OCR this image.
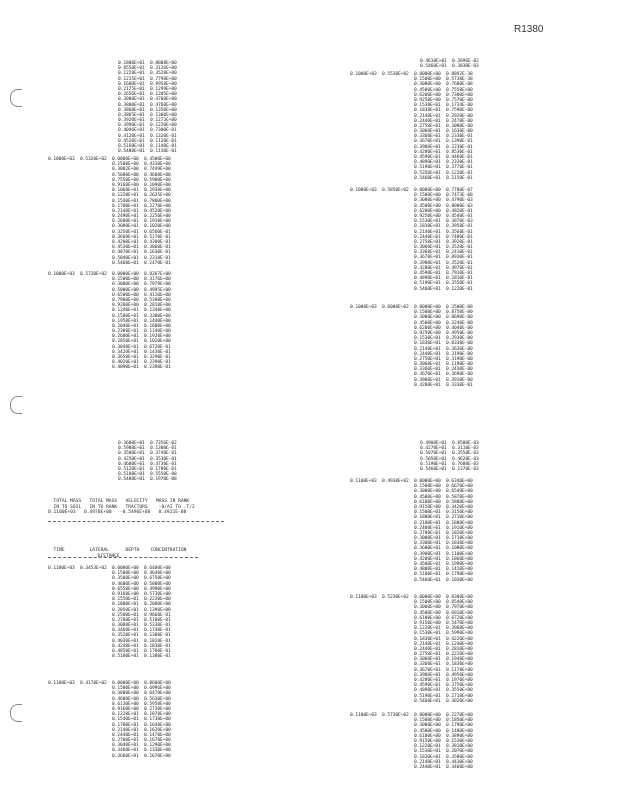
R1380
0.1800E+01  0.8808E+00
0.8550E+01  0.3126E+00
0.1220E+01  0.3528E+00
0.1215E+01  0.7798E+00
0.1600E+01  0.9958E+00
0.2175E+01  0.1299E+00
0.2656E+01  0.1205E+00
0.3080E+01  0.4780E+00
0.3800E+01  0.4760E+00
0.3860E+01  0.1350E+00
0.3865E+01  0.1300E+00
0.3920E+01  0.1273E+00
0.3990E+01  0.1220E+00
0.4046E+01  0.7300E-01
0.4120E+01  0.1320E-01
0.4520E+01  0.1120E-01
0.5160E+01  0.1140E-01
0.5480E+01  0.1130E-01
0.1000E+03  0.5320E+02 0.0000E+00  0.4500E+00
0.1500E+00  0.4310E+00
0.3002E+00  0.7449E+00
0.5000E+00  0.4688E+00
0.7550E+00  0.5900E+00
0.9160E+00  0.1090E+00
0.1060E+01  0.2930E+00
0.1220E+01  0.2635E+00
0.1540E+01  0.7800E+00
0.1700E+01  0.2270E+00
0.2140E+01  0.4520E+00
0.2490E+01  0.2250E+00
0.2600E+01  0.1910E+00
0.3080E+01  0.1020E+00
0.3250E+01  0.6560E-01
0.3660E+01  0.5170E-01
0.4200E+01  0.4300E-01
0.4530E+01  0.3860E-01
0.4870E+01  0.1630E-01
0.5040E+01  0.2310E-01
0.5460E+01  0.2470E-01
0.1000E+03  0.5720E+02 0.0000E+00  0.8267E+00
0.1500E+00  0.3176E+00
0.3000E+00  0.7979E+00
0.5000E+00  0.4995E+00
0.6500E+00  0.4110E+00
0.7900E+00  0.5390E+00
0.9200E+00  0.2810E+00
0.1240E+01  0.1340E+00
0.1580E+01  0.3300E+00
0.1950E+01  0.1440E+00
0.2040E+01  0.1600E+00
0.2300E+01  0.1140E+00
0.2600E+01  0.1920E+00
0.2850E+01  0.1020E+00
0.3040E+01  0.6720E-01
0.3420E+01  0.1430E-01
0.3650E+01  0.3290E-01
0.4020E+01  0.2390E-01
0.4890E+01  0.2390E-01
0.3600E+01  0.7356E-02
0.5980E+01  0.1300E-01
0.3500E+01  0.3748E-01
0.4250E+01  0.3530E-01
0.4600E+01  0.4730E-01
0.5120E+01  0.1780E-01
0.5100E+01  0.5550E-08
0.5480E+01  0.1970E-08

TOTAL MASS TOTAL MASS VELOCITY MASS IN RANK

IN TO SOIL IN TO RANK TRACTORS -0/AI TO .T/2

0.1100E+03   0.4970E+00   -0.5496E+00   0.4921E-08

TIME	LATERAL	DEPTH CONCENTRATION

DISTANCE

0.1100E+03  0.3453E+02 0.0000E+00  0.6400E+00
0.1500E+00  0.4640E+00
0.3500E+00  0.6750E+00
0.4600E+00  0.5800E+00
0.6550E+00  0.4990E+00
0.9160E+00  0.5730E+00
0.1550E+01  0.2230E+00
0.1800E+01  0.2000E+00
0.2050E+01  0.1390E+00
0.2500E+01  0.9660E-01
0.2780E+01  0.5180E-01
0.3080E+01  0.5330E-01
0.3460E+01  0.1740E-01
0.3520E+01  0.1380E-01
0.4030E+01  0.1820E-01
0.4240E+01  0.1830E-01
0.4850E+01  0.1780E-01
0.5100E+01  0.1380E-01
0.1100E+03  0.4170E+02 0.0000E+00  0.8600E+00
0.1500E+00  0.6996E+00
0.3000E+00  0.6470E+00
0.4600E+00  0.5630E+00
0.6130E+00  0.5950E+00
0.9160E+00  0.2730E+00
0.1220E+01  0.1870E+00
0.1540E+01  0.1730E+00
0.1700E+01  0.1640E+00
0.2140E+01  0.1620E+00
0.2440E+01  0.1470E+00
0.2700E+01  0.1670E+00
0.3040E+01  0.1290E+00
0.3460E+01  0.1330E+00
0.3660E+01  0.1670E+00
0.4610E+01  0.3696E-02
0.5460E+01  0.3830E-03
0.1000E+03  0.5530E+02 0.0000E+00  0.8892E-38
0.1500E+00  0.5738E-38
0.3000E+00  0.7600E-08
0.4500E+00  0.7550E+00
0.6200E+00  0.7300E+00
0.9250E+00  0.7570E-00
0.1530E+01  0.1734E-00
0.1830E+01  0.7590E-00
0.2140E+01  0.2920E-00
0.2440E+01  0.2470E-00
0.2750E+01  0.3080E-00
0.3060E+01  0.1630E-00
0.3360E+01  0.2330E-01
0.3670E+01  0.1390E-01
0.3980E+01  0.2230E-01
0.4280E+01  0.8530E-01
0.4590E+01  0.4460E-01
0.4890E+01  0.2330E-01
0.5190E+01  0.3770E-01
0.5350E+01  0.1220E-01
0.5460E+01  0.1150E-01
0.1000E+03  0.5850E+02 0.0000E+00  0.7780E-07
0.1500E+00  0.7473E-08
0.3000E+00  0.4790E-03
0.4500E+00  0.8000E-03
0.6200E+00  0.4820E-01
0.9250E+00  0.4540E-01
0.1530E+01  0.3870E-03
0.1830E+01  0.3950E-01
0.2140E+01  0.3560E-01
0.2440E+01  0.7480E-01
0.2750E+01  0.3920E-01
0.3060E+01  0.3520E-01
0.3360E+01  0.2410E-01
0.3670E+01  0.8930E-01
0.3980E+01  0.3520E-01
0.4280E+01  0.4970E-01
0.4590E+01  0.7910E-01
0.4890E+01  0.2810E-01
0.5190E+01  0.3550E-01
0.5460E+01  0.1220E-01
0.1080E+03  0.6000E+02 0.0000E+00  0.2500E-08
0.1500E+00  0.8750E-00
0.3000E+00  0.8690E-00
0.4500E+00  0.3240E-00
0.6200E+00  0.4040E-00
0.9250E+00  0.4950E-00
0.1530E+01  0.2930E-00
0.1830E+01  0.8330E-00
0.2140E+01  0.3630E-00
0.2440E+01  0.3190E-00
0.2750E+01  0.3190E-00
0.3060E+01  0.1190E-00
0.3360E+01  0.2430E-00
0.3670E+01  0.3690E-00
0.3980E+01  0.3910E-00
0.4280E+01  0.3330E-01
0.4900E+01  0.8500E-03
0.4270E+01  0.3110E-03
0.5070E+01  0.3550E-03
0.5050E+01  0.4620E-03
0.5190E+01  0.7600E-03
0.5460E+01  0.1370E-03
0.1100E+03  0.4930E+02 0.0000E+00  0.6340E+00
0.1500E+00  0.6670E+00
0.3000E+00  0.6540E+00
0.4500E+00  0.5870E+00
0.6100E+00  0.5800E+00
0.9150E+00  0.3420E+00
0.1500E+01  0.3150E+00
0.1800E+01  0.2710E+00
0.2100E+01  0.1800E+00
0.2400E+01  0.1910E+00
0.2700E+01  0.1820E+00
0.3000E+01  0.1710E+00
0.3300E+01  0.1830E+00
0.3600E+01  0.1000E+00
0.3900E+01  0.1100E+00
0.4200E+01  0.1860E+00
0.4500E+01  0.1990E+00
0.4800E+01  0.1410E+00
0.5100E+01  0.1790E+00
0.5460E+01  0.1030E+00
0.1100E+03  0.5230E+02 0.0000E+00  0.8300E+00
0.1500E+00  0.8540E+00
0.3000E+00  0.7970E+00
0.4500E+00  0.6910E+00
0.6100E+00  0.6720E+00
0.9150E+00  0.5470E+00
0.1220E+01  0.3960E+00
0.1530E+01  0.5990E+00
0.1830E+01  0.4220E+00
0.2140E+01  0.1240E+00
0.2440E+01  0.2810E+00
0.2750E+01  0.2220E+00
0.3060E+01  0.1940E+00
0.3360E+01  0.1830E+00
0.3670E+01  0.1170E+00
0.3980E+01  0.4950E+00
0.4280E+01  0.1970E+00
0.4590E+01  0.3750E+00
0.4890E+01  0.3550E+00
0.5190E+01  0.2710E+00
0.5460E+01  0.3020E+00
0.1100E+03  0.5730E+02 0.0000E+00  0.2270E+00
0.1500E+00  0.1850E+00
0.3000E+00  0.1790E+00
0.4500E+00  0.1480E+00
0.6100E+00  0.3890E+00
0.9150E+00  0.1530E+00
0.1220E+01  0.3810E+00
0.1530E+01  0.2070E+00
0.1830E+01  0.3500E+00
0.2140E+01  0.4430E+00
0.2440E+01  0.3460E+00
